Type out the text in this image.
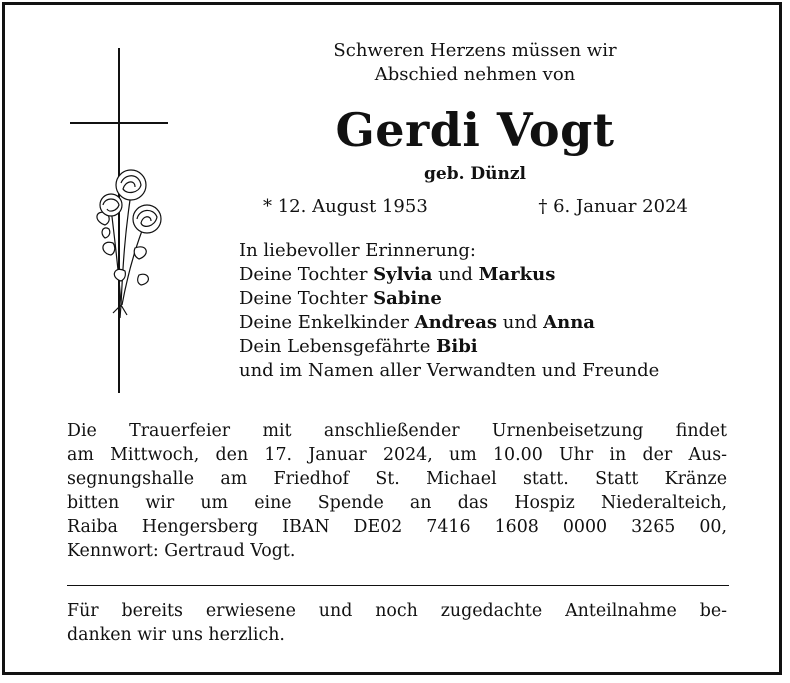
Schweren Herzens müssen wir
Abschied nehmen von
Gerdi Vogt
geb. Dünzl
* 12. August 1953	† 6. Januar 2024
In liebevoller Erinnerung:
Deine Tochter Sylvia und Markus
Deine Tochter Sabine
Deine Enkelkinder Andreas und Anna
Dein Lebensgefährte Bibi
und im Namen aller Verwandten und Freunde
Die Trauerfeier mit anschließender Urnenbeisetzung findet
am Mittwoch, den 17. Januar 2024, um 10.00 Uhr in der Aus-
segnungshalle am Friedhof St. Michael statt. Statt Kränze
bitten wir um eine Spende an das Hospiz Niederalteich,
Raiba Hengersberg IBAN DE02 7416 1608 0000 3265 00,
Kennwort: Gertraud Vogt.
Für bereits erwiesene und noch zugedachte Anteilnahme be-
danken wir uns herzlich.
